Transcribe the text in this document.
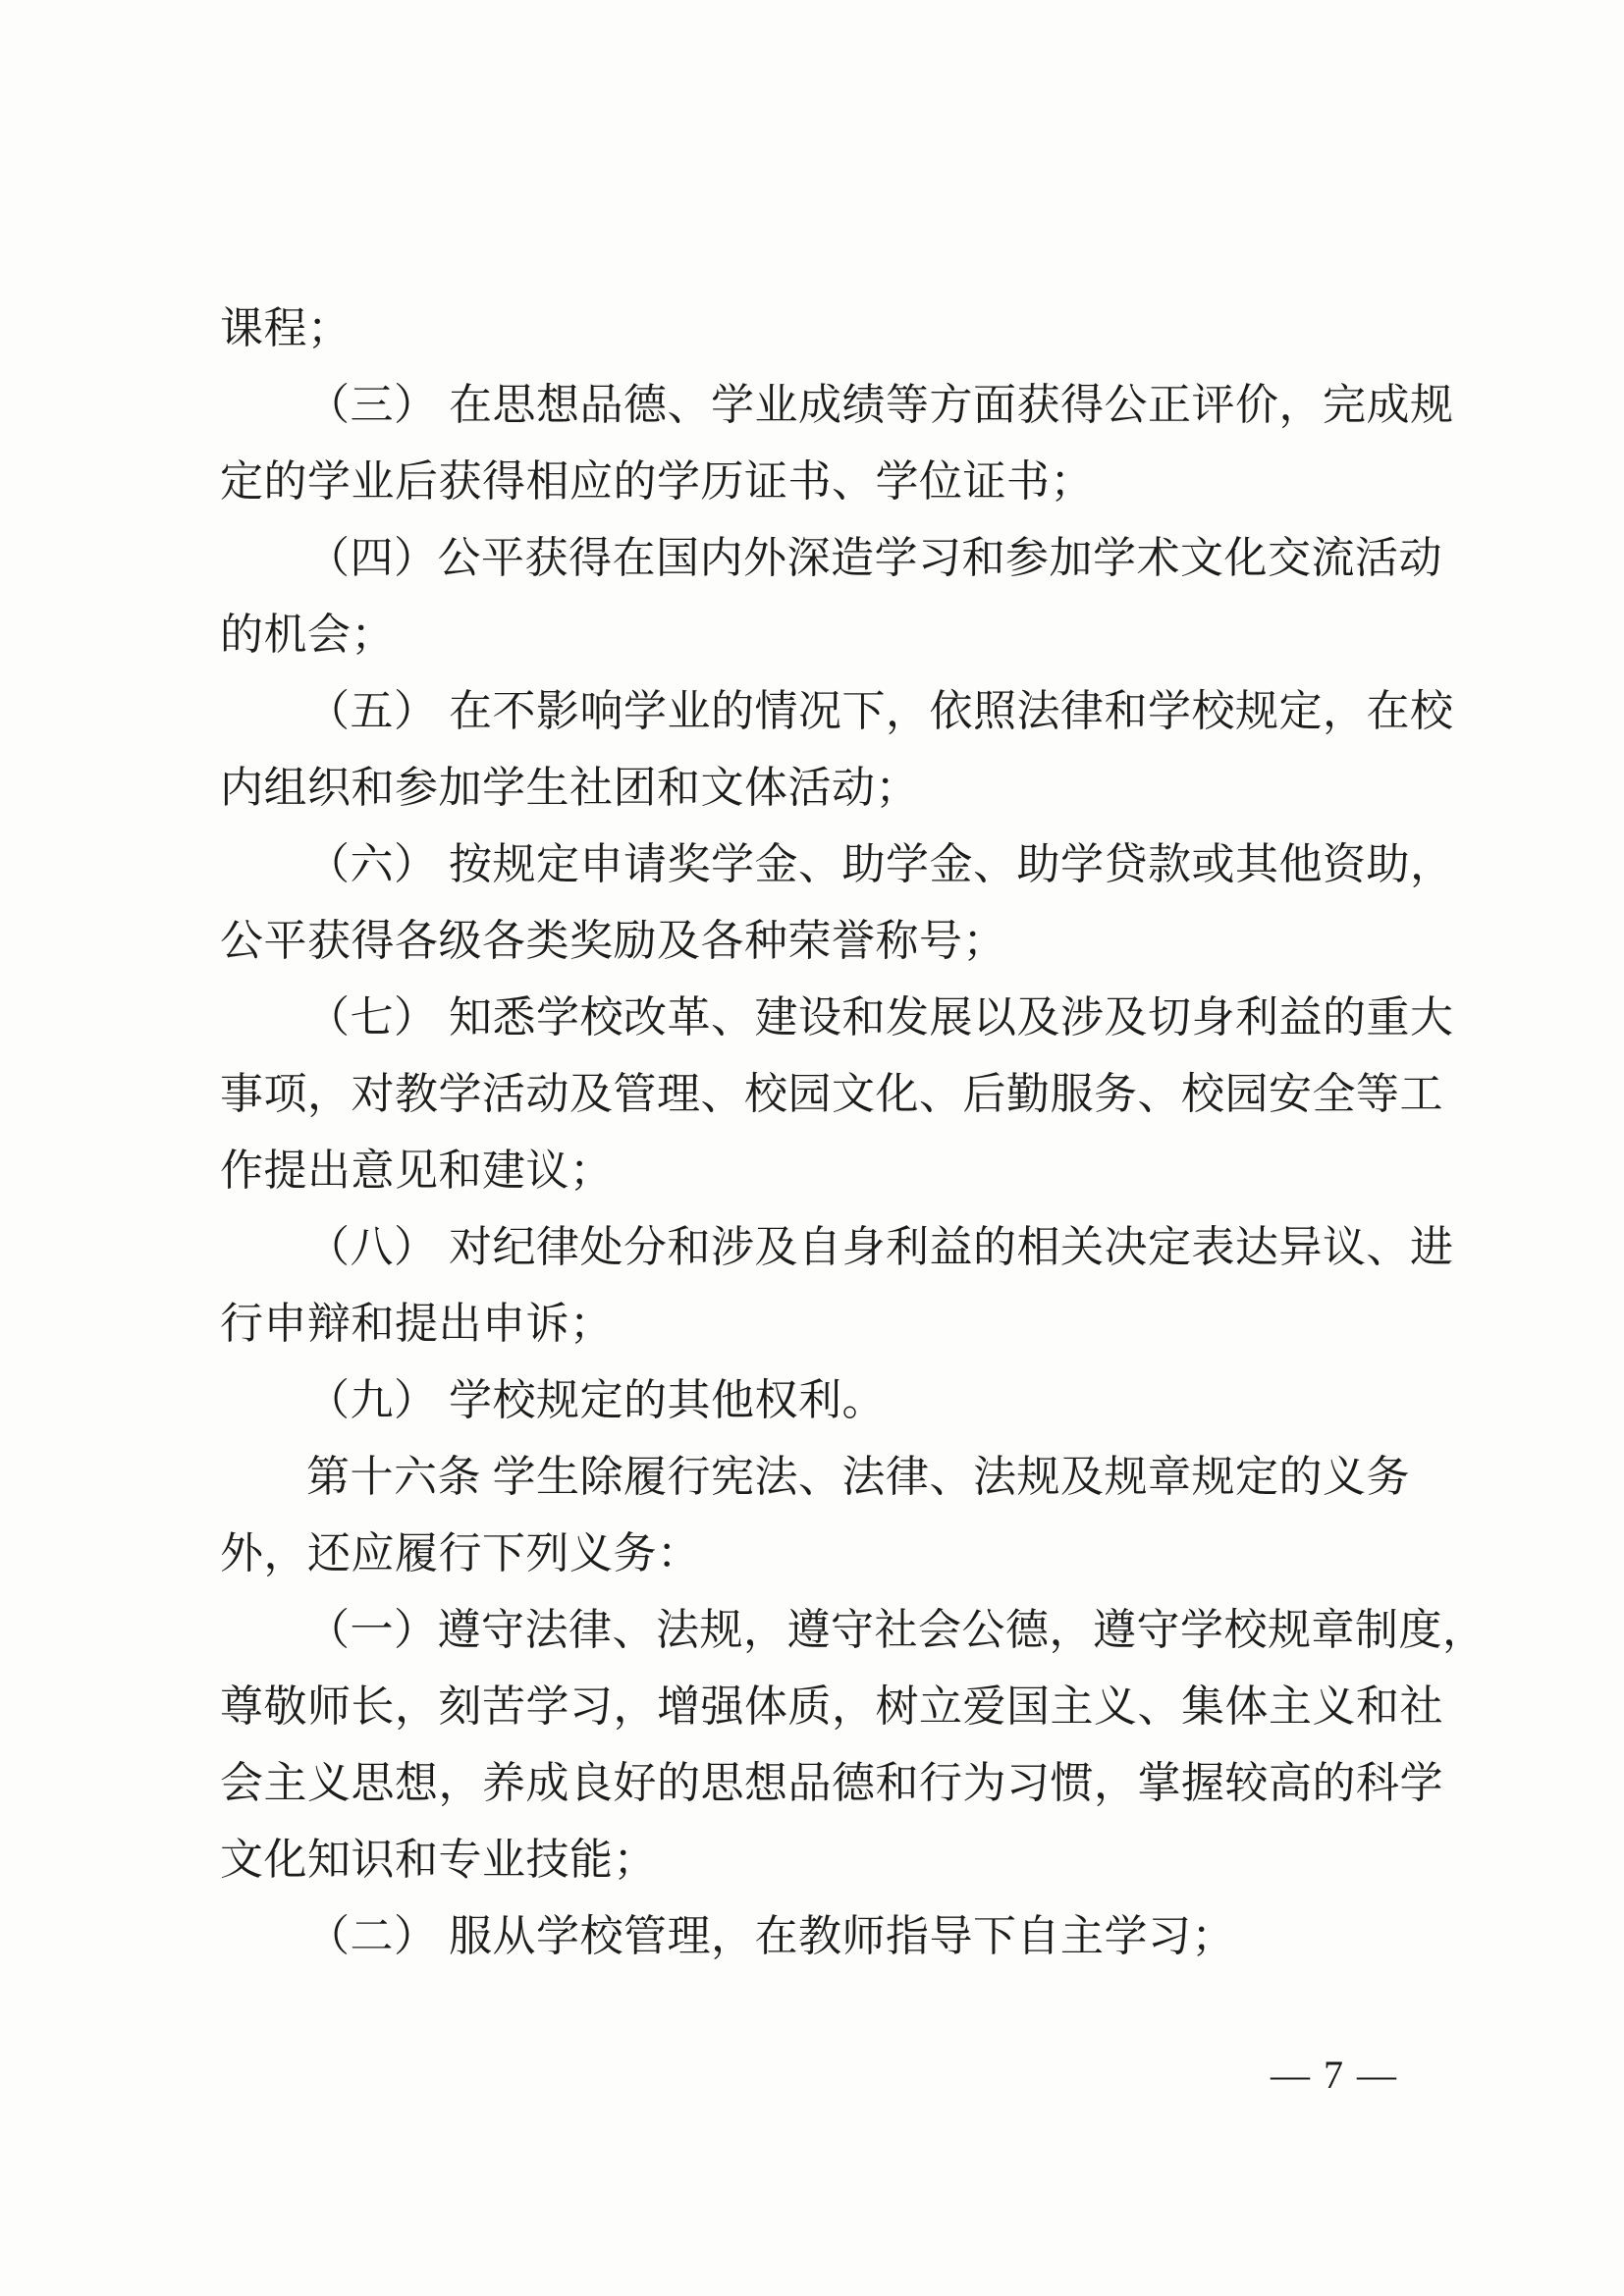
课程；

（三） 在思想品德、学业成绩等方面获得公正评价，完成规

定的学业后获得相应的学历证书、学位证书；

（四）公平获得在国内外深造学习和参加学术文化交流活动

的机会；

（五） 在不影响学业的情况下，依照法律和学校规定，在校

内组织和参加学生社团和文体活动；

（六） 按规定申请奖学金、助学金、助学贷款或其他资助，

公平获得各级各类奖励及各种荣誉称号；

（七） 知悉学校改革、建设和发展以及涉及切身利益的重大

事项，对教学活动及管理、校园文化、后勤服务、校园安全等工

作提出意见和建议；

（八） 对纪律处分和涉及自身利益的相关决定表达异议、进

行申辩和提出申诉；

（九） 学校规定的其他权利。

第十六条 学生除履行宪法、法律、法规及规章规定的义务

外，还应履行下列义务：

（一）遵守法律、法规，遵守社会公德，遵守学校规章制度，

尊敬师长，刻苦学习，增强体质，树立爱国主义、集体主义和社

会主义思想，养成良好的思想品德和行为习惯，掌握较高的科学

文化知识和专业技能；

（二） 服从学校管理，在教师指导下自主学习；

— 7 —
